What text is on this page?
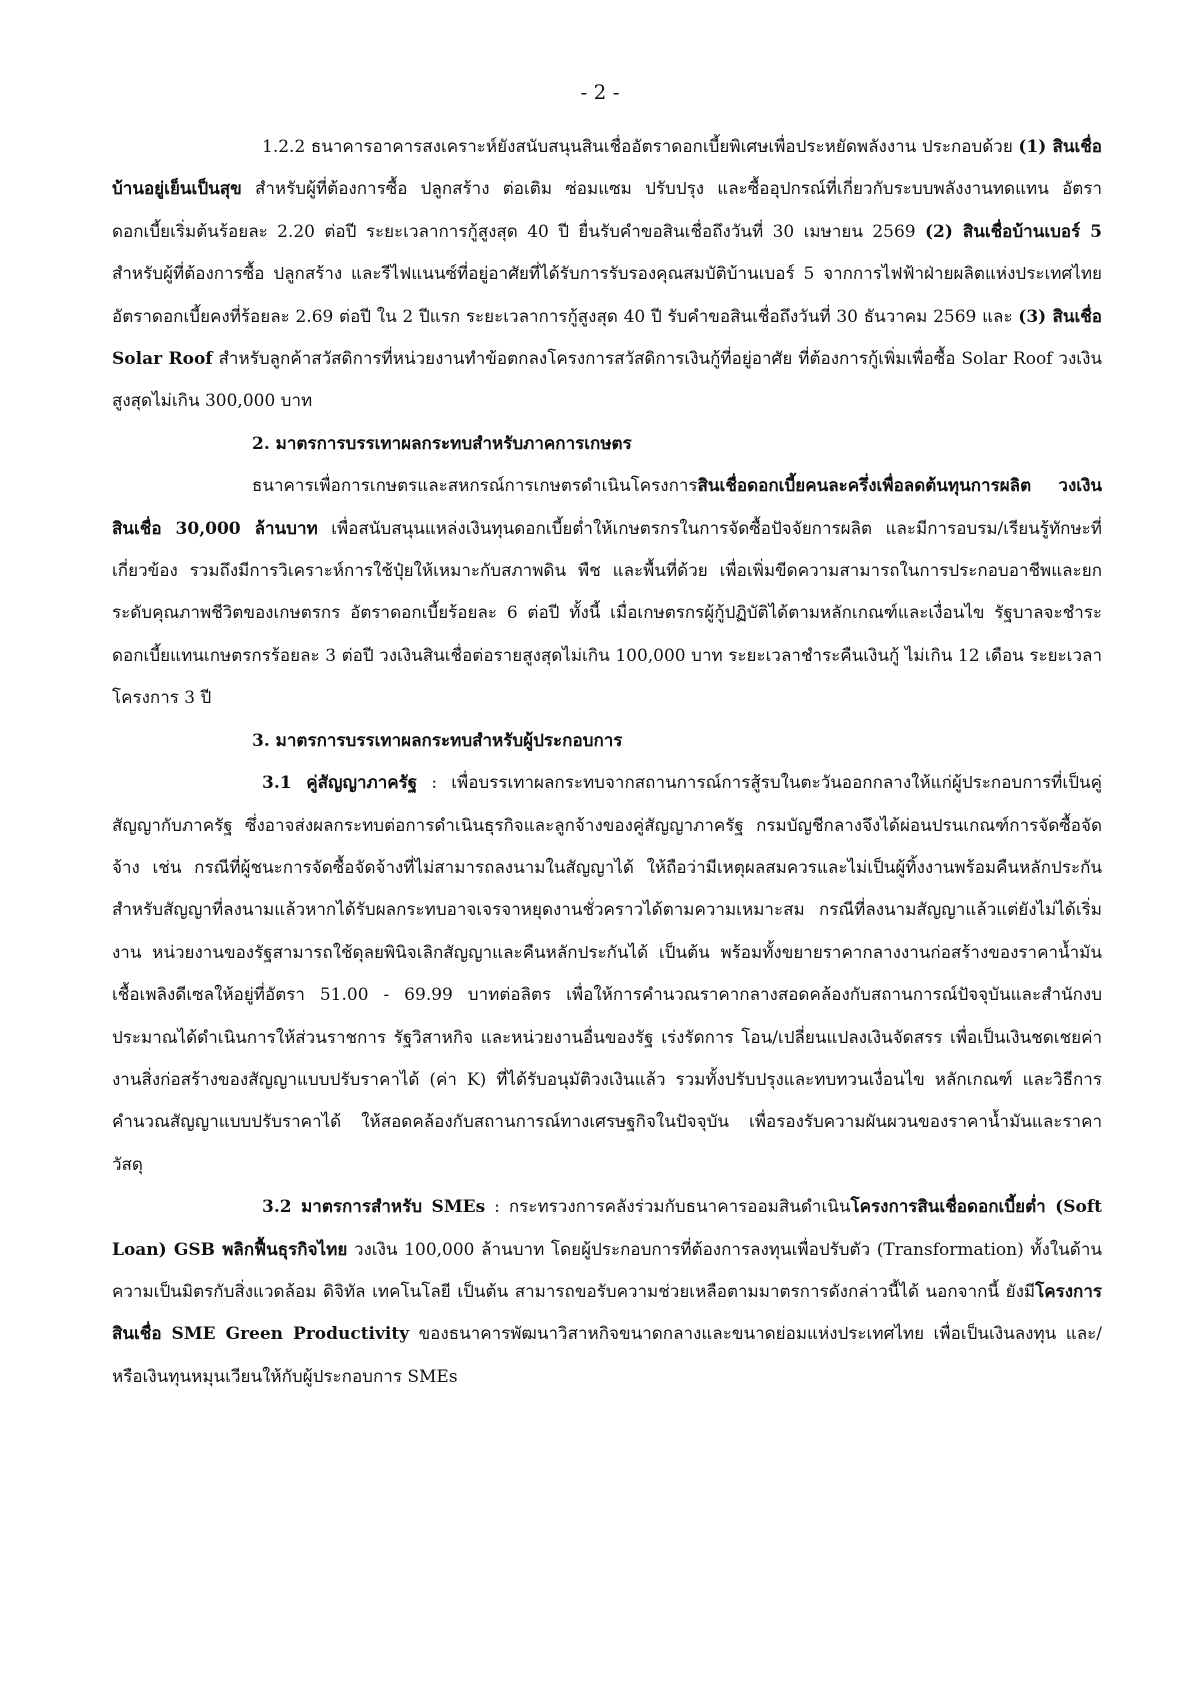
- 2 -

1.2.2 ธนาคารอาคารสงเคราะห์ยังสนับสนุนสินเชื่ออัตราดอกเบี้ยพิเศษเพื่อประหยัดพลังงาน ประกอบด้วย (1) สินเชื่อบ้านอยู่เย็นเป็นสุข สำหรับผู้ที่ต้องการซื้อ ปลูกสร้าง ต่อเติม ซ่อมแซม ปรับปรุง และซื้ออุปกรณ์ที่เกี่ยวกับระบบพลังงานทดแทน อัตราดอกเบี้ยเริ่มต้นร้อยละ 2.20 ต่อปี ระยะเวลาการกู้สูงสุด 40 ปี ยื่นรับคำขอสินเชื่อถึงวันที่ 30 เมษายน 2569 (2) สินเชื่อบ้านเบอร์ 5 สำหรับผู้ที่ต้องการซื้อ ปลูกสร้าง และรีไฟแนนซ์ที่อยู่อาศัยที่ได้รับการรับรองคุณสมบัติบ้านเบอร์ 5 จากการไฟฟ้าฝ่ายผลิตแห่งประเทศไทย อัตราดอกเบี้ยคงที่ร้อยละ 2.69 ต่อปี ใน 2 ปีแรก ระยะเวลาการกู้สูงสุด 40 ปี รับคำขอสินเชื่อถึงวันที่ 30 ธันวาคม 2569 และ (3) สินเชื่อ Solar Roof สำหรับลูกค้าสวัสดิการที่หน่วยงานทำข้อตกลงโครงการสวัสดิการเงินกู้ที่อยู่อาศัย ที่ต้องการกู้เพิ่มเพื่อซื้อ Solar Roof วงเงินสูงสุดไม่เกิน 300,000 บาท

2. มาตรการบรรเทาผลกระทบสำหรับภาคการเกษตร

ธนาคารเพื่อการเกษตรและสหกรณ์การเกษตรดำเนินโครงการสินเชื่อดอกเบี้ยคนละครึ่งเพื่อลดต้นทุนการผลิต วงเงินสินเชื่อ 30,000 ล้านบาท เพื่อสนับสนุนแหล่งเงินทุนดอกเบี้ยต่ำให้เกษตรกรในการจัดซื้อปัจจัยการผลิต และมีการอบรม/เรียนรู้ทักษะที่เกี่ยวข้อง รวมถึงมีการวิเคราะห์การใช้ปุ๋ยให้เหมาะกับสภาพดิน พืช และพื้นที่ด้วย เพื่อเพิ่มขีดความสามารถในการประกอบอาชีพและยกระดับคุณภาพชีวิตของเกษตรกร อัตราดอกเบี้ยร้อยละ 6 ต่อปี ทั้งนี้ เมื่อเกษตรกรผู้กู้ปฏิบัติได้ตามหลักเกณฑ์และเงื่อนไข รัฐบาลจะชำระดอกเบี้ยแทนเกษตรกรร้อยละ 3 ต่อปี วงเงินสินเชื่อต่อรายสูงสุดไม่เกิน 100,000 บาท ระยะเวลาชำระคืนเงินกู้ ไม่เกิน 12 เดือน ระยะเวลาโครงการ 3 ปี

3. มาตรการบรรเทาผลกระทบสำหรับผู้ประกอบการ

3.1 คู่สัญญาภาครัฐ : เพื่อบรรเทาผลกระทบจากสถานการณ์การสู้รบในตะวันออกกลางให้แก่ผู้ประกอบการที่เป็นคู่สัญญากับภาครัฐ ซึ่งอาจส่งผลกระทบต่อการดำเนินธุรกิจและลูกจ้างของคู่สัญญาภาครัฐ กรมบัญชีกลางจึงได้ผ่อนปรนเกณฑ์การจัดซื้อจัดจ้าง เช่น กรณีที่ผู้ชนะการจัดซื้อจัดจ้างที่ไม่สามารถลงนามในสัญญาได้ ให้ถือว่ามีเหตุผลสมควรและไม่เป็นผู้ทิ้งงานพร้อมคืนหลักประกัน สำหรับสัญญาที่ลงนามแล้วหากได้รับผลกระทบอาจเจรจาหยุดงานชั่วคราวได้ตามความเหมาะสม กรณีที่ลงนามสัญญาแล้วแต่ยังไม่ได้เริ่มงาน หน่วยงานของรัฐสามารถใช้ดุลยพินิจเลิกสัญญาและคืนหลักประกันได้ เป็นต้น พร้อมทั้งขยายราคากลางงานก่อสร้างของราคาน้ำมันเชื้อเพลิงดีเซลให้อยู่ที่อัตรา 51.00 - 69.99 บาทต่อลิตร เพื่อให้การคำนวณราคากลางสอดคล้องกับสถานการณ์ปัจจุบันและสำนักงบประมาณได้ดำเนินการให้ส่วนราชการ รัฐวิสาหกิจ และหน่วยงานอื่นของรัฐ เร่งรัดการ โอน/เปลี่ยนแปลงเงินจัดสรร เพื่อเป็นเงินชดเชยค่างานสิ่งก่อสร้างของสัญญาแบบปรับราคาได้ (ค่า K) ที่ได้รับอนุมัติวงเงินแล้ว รวมทั้งปรับปรุงและทบทวนเงื่อนไข หลักเกณฑ์ และวิธีการคำนวณสัญญาแบบปรับราคาได้ ให้สอดคล้องกับสถานการณ์ทางเศรษฐกิจในปัจจุบัน เพื่อรองรับความผันผวนของราคาน้ำมันและราคาวัสดุ

3.2 มาตรการสำหรับ SMEs : กระทรวงการคลังร่วมกับธนาคารออมสินดำเนินโครงการสินเชื่อดอกเบี้ยต่ำ (Soft Loan) GSB พลิกฟื้นธุรกิจไทย วงเงิน 100,000 ล้านบาท โดยผู้ประกอบการที่ต้องการลงทุนเพื่อปรับตัว (Transformation) ทั้งในด้านความเป็นมิตรกับสิ่งแวดล้อม ดิจิทัล เทคโนโลยี เป็นต้น สามารถขอรับความช่วยเหลือตามมาตรการดังกล่าวนี้ได้ นอกจากนี้ ยังมีโครงการสินเชื่อ SME Green Productivity ของธนาคารพัฒนาวิสาหกิจขนาดกลางและขนาดย่อมแห่งประเทศไทย เพื่อเป็นเงินลงทุน และ/หรือเงินทุนหมุนเวียนให้กับผู้ประกอบการ SMEs
